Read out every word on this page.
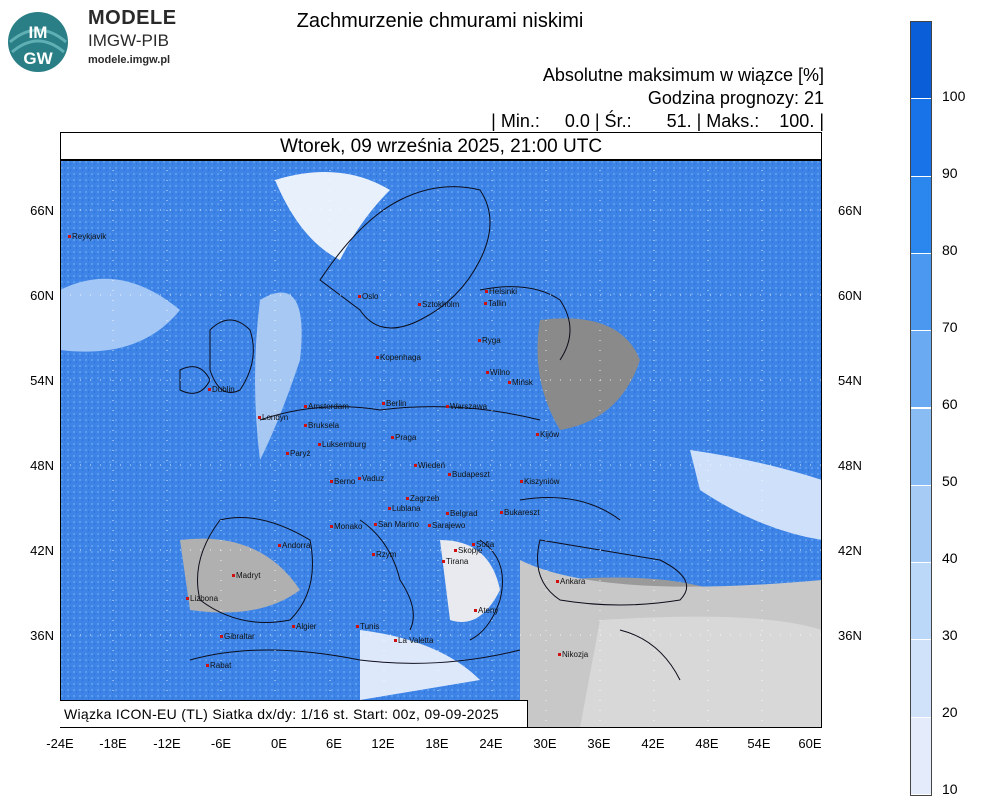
IM
GW
MODELE
IMGW-PIB
modele.imgw.pl
Zachmurzenie chmurami niskimi
Absolutne maksimum w wiązce [%]
Godzina prognozy: 21
| Min.:     0.0 | Śr.:       51. | Maks.:    100. |
Wtorek, 09 września 2025, 21:00 UTC
Reykjavik
Oslo
Helsinki
Sztokholm	Tallin
Ryga
Kopenhaga
Wilno
Mińsk
Dublin
Amsterdam	Berlin	Warszawa
Londyn
Bruksela
Kijów
Luksemburg
Praga
Paryż
Wiedeń
Budapeszt
Kiszyniów
Berno Vaduz
Zagrzeb
Lublana
Belgrad	Bukareszt
Monako San Marino Sarajewo
Andorra
Rzym	Skopje
Sofia
Tirana
Madryt
Ankara
Lizbona
Ateny
Gibraltar
Algier	Tunis
La Valetta
Nikozja
Rabat
Wiązka ICON-EU (TL) Siatka dx/dy: 1/16 st. Start: 00z, 09-09-2025
66N
60N
54N
48N
42N
36N
66N
60N
54N
48N
42N
36N
-24E	-18E	-12E	-6E	0E	6E	12E	18E	24E	30E	36E	42E	48E	54E	60E
100
90
80
70
60
50
40
30
20
10
